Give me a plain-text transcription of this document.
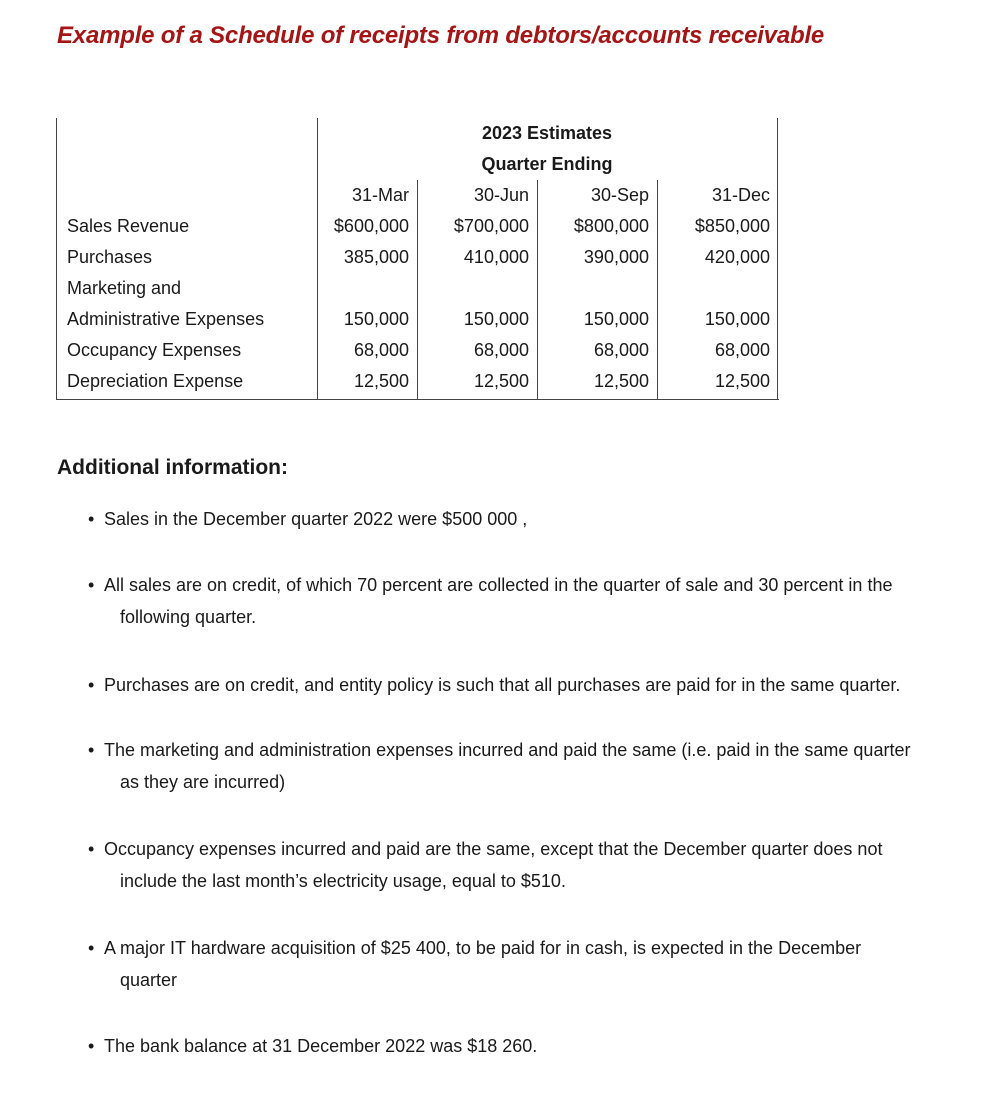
Example of a Schedule of receipts from debtors/accounts receivable
2023 Estimates
Quarter Ending
31-Mar	30-Jun	30-Sep	31-Dec
Sales Revenue	$600,000	$700,000	$800,000	$850,000
Purchases	385,000	410,000	390,000	420,000
Marketing and
Administrative Expenses	150,000	150,000	150,000	150,000
Occupancy Expenses	68,000	68,000	68,000	68,000
Depreciation Expense	12,500	12,500	12,500	12,500
Additional information:
• Sales in the December quarter 2022 were $500 000 ,
• All sales are on credit, of which 70 percent are collected in the quarter of sale and 30 percent in the
following quarter.
• Purchases are on credit, and entity policy is such that all purchases are paid for in the same quarter.
• The marketing and administration expenses incurred and paid the same (i.e. paid in the same quarter
as they are incurred)
• Occupancy expenses incurred and paid are the same, except that the December quarter does not
include the last month’s electricity usage, equal to $510.
• A major IT hardware acquisition of $25 400, to be paid for in cash, is expected in the December
quarter
• The bank balance at 31 December 2022 was $18 260.
